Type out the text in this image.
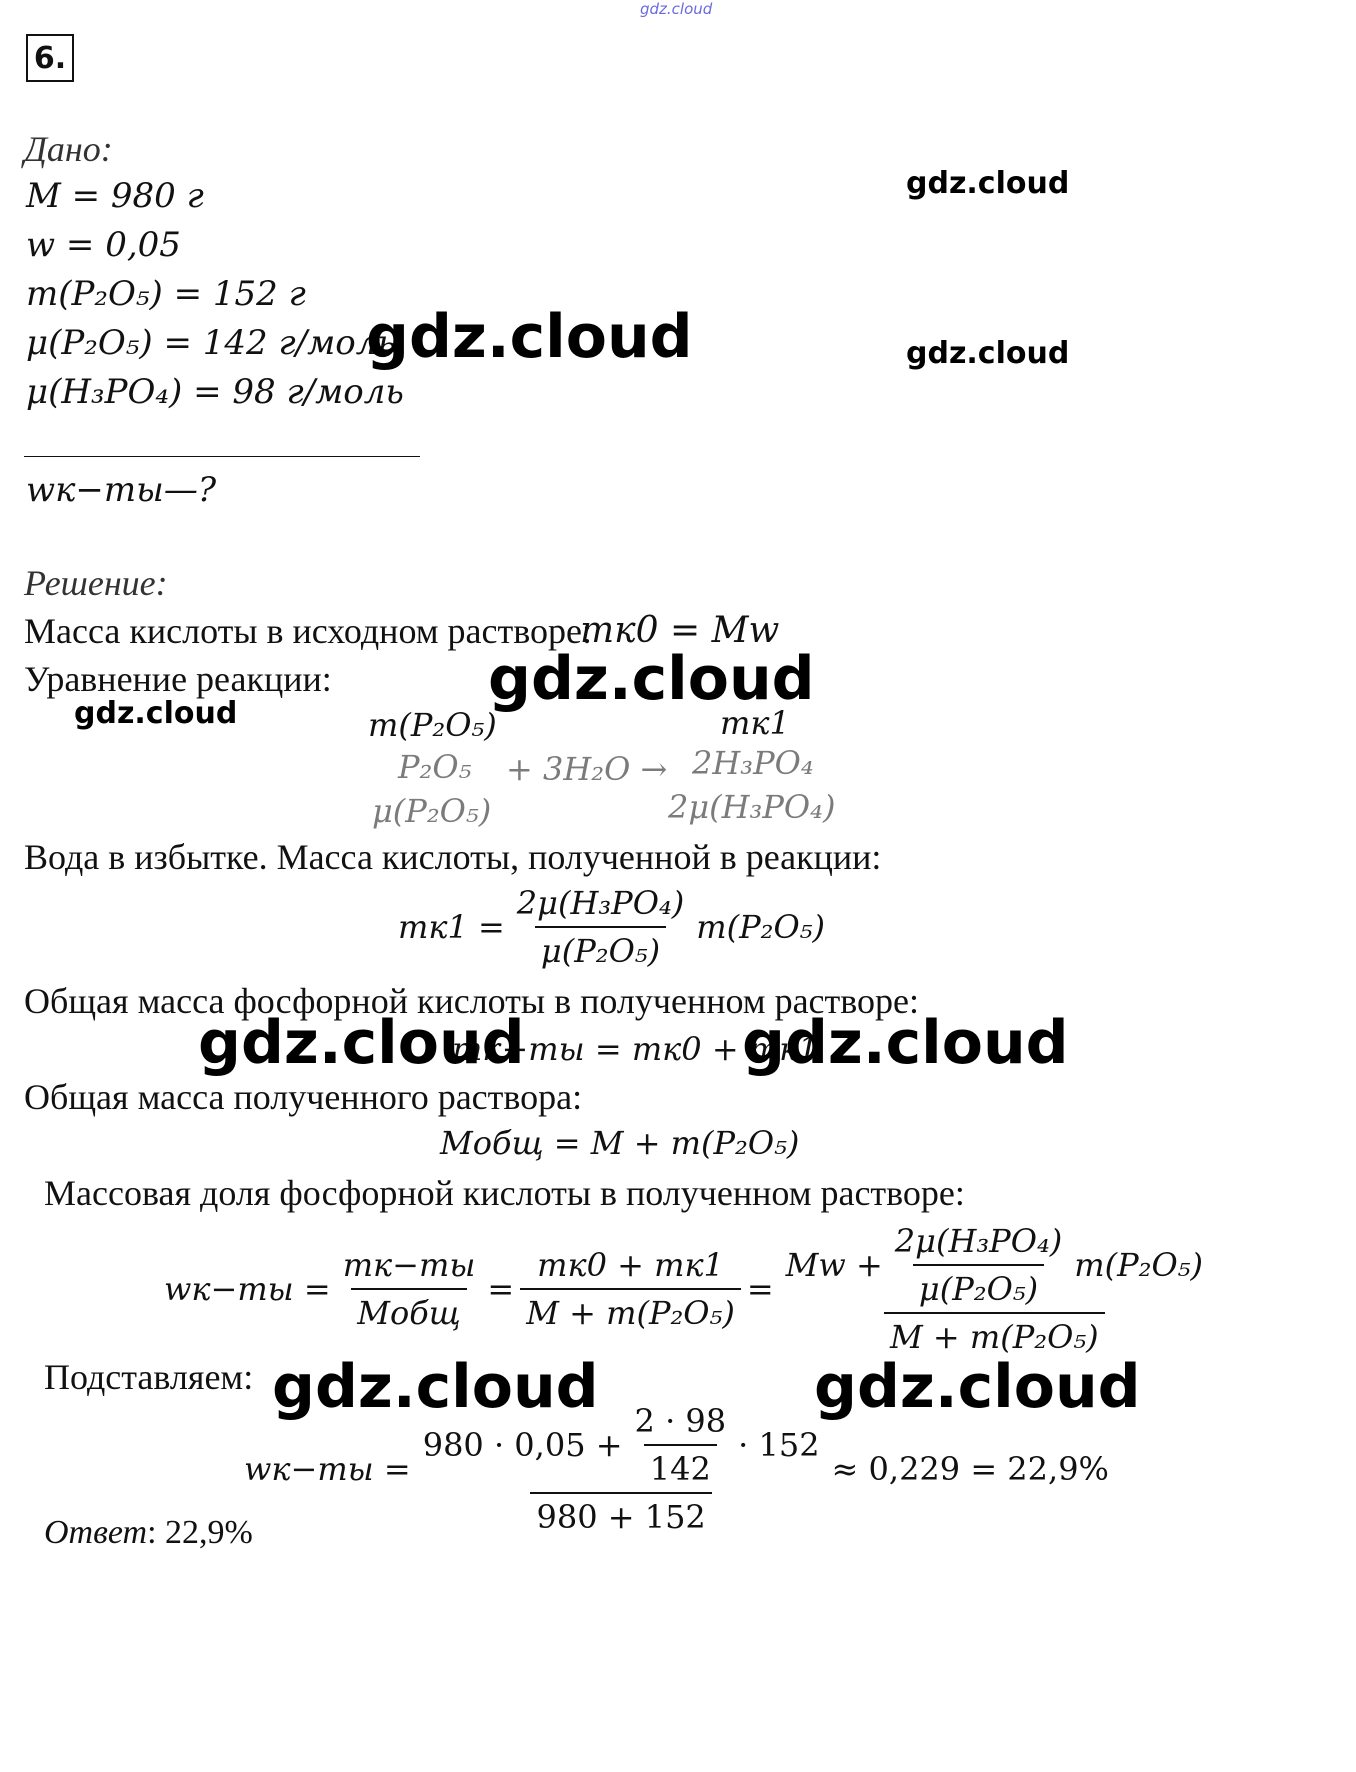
gdz.cloud
6.
Дано:
M = 980 г
w = 0,05
m(P₂O₅) = 152 г
μ(P₂O₅) = 142 г/моль
μ(H₃PO₄) = 98 г/моль
wк−ты—?
Решение:
Масса кислоты в исходном растворе:
mк0 = Mw
Уравнение реакции:
m(P₂O₅)	mк1
P₂O₅ + 3H₂O → 2H₃PO₄
μ(P₂O₅)	2μ(H₃PO₄)
Вода в избытке. Масса кислоты, полученной в реакции:
$mк1 = \frac{\text{2μ(H₃PO₄)}}{\text{μ(P₂O₅)}} m(P_2O_5)$
Общая масса фосфорной кислоты в полученном растворе:
mк−ты = mк0 + mк1
Общая масса полученного раствора:
Mобщ = M + m(P₂O₅)
Массовая доля фосфорной кислоты в полученном растворе:
$wк-ты = \frac{mк-ты}{\text{Mобщ}} = \frac{mк0 + mк1}{\text{M + m(P₂O₅)}}$ =
$Mw + \frac{\text{2μ(H₃PO₄)}}{\text{μ(P₂O₅)}} m(P_2O_5)$
M + m(P₂O₅)
Подставляем:
wк−ты =
$980 \cdot 0,05 + \frac{2 \cdot 98}{142} \cdot 152$
980 + 152
≈ 0,229 = 22,9%
Ответ: 22,9%
gdz.cloud
gdz.cloud
gdz.cloud
gdz.cloud
gdz.cloud
gdz.cloud	gdz.cloud
gdz.cloud	gdz.cloud
